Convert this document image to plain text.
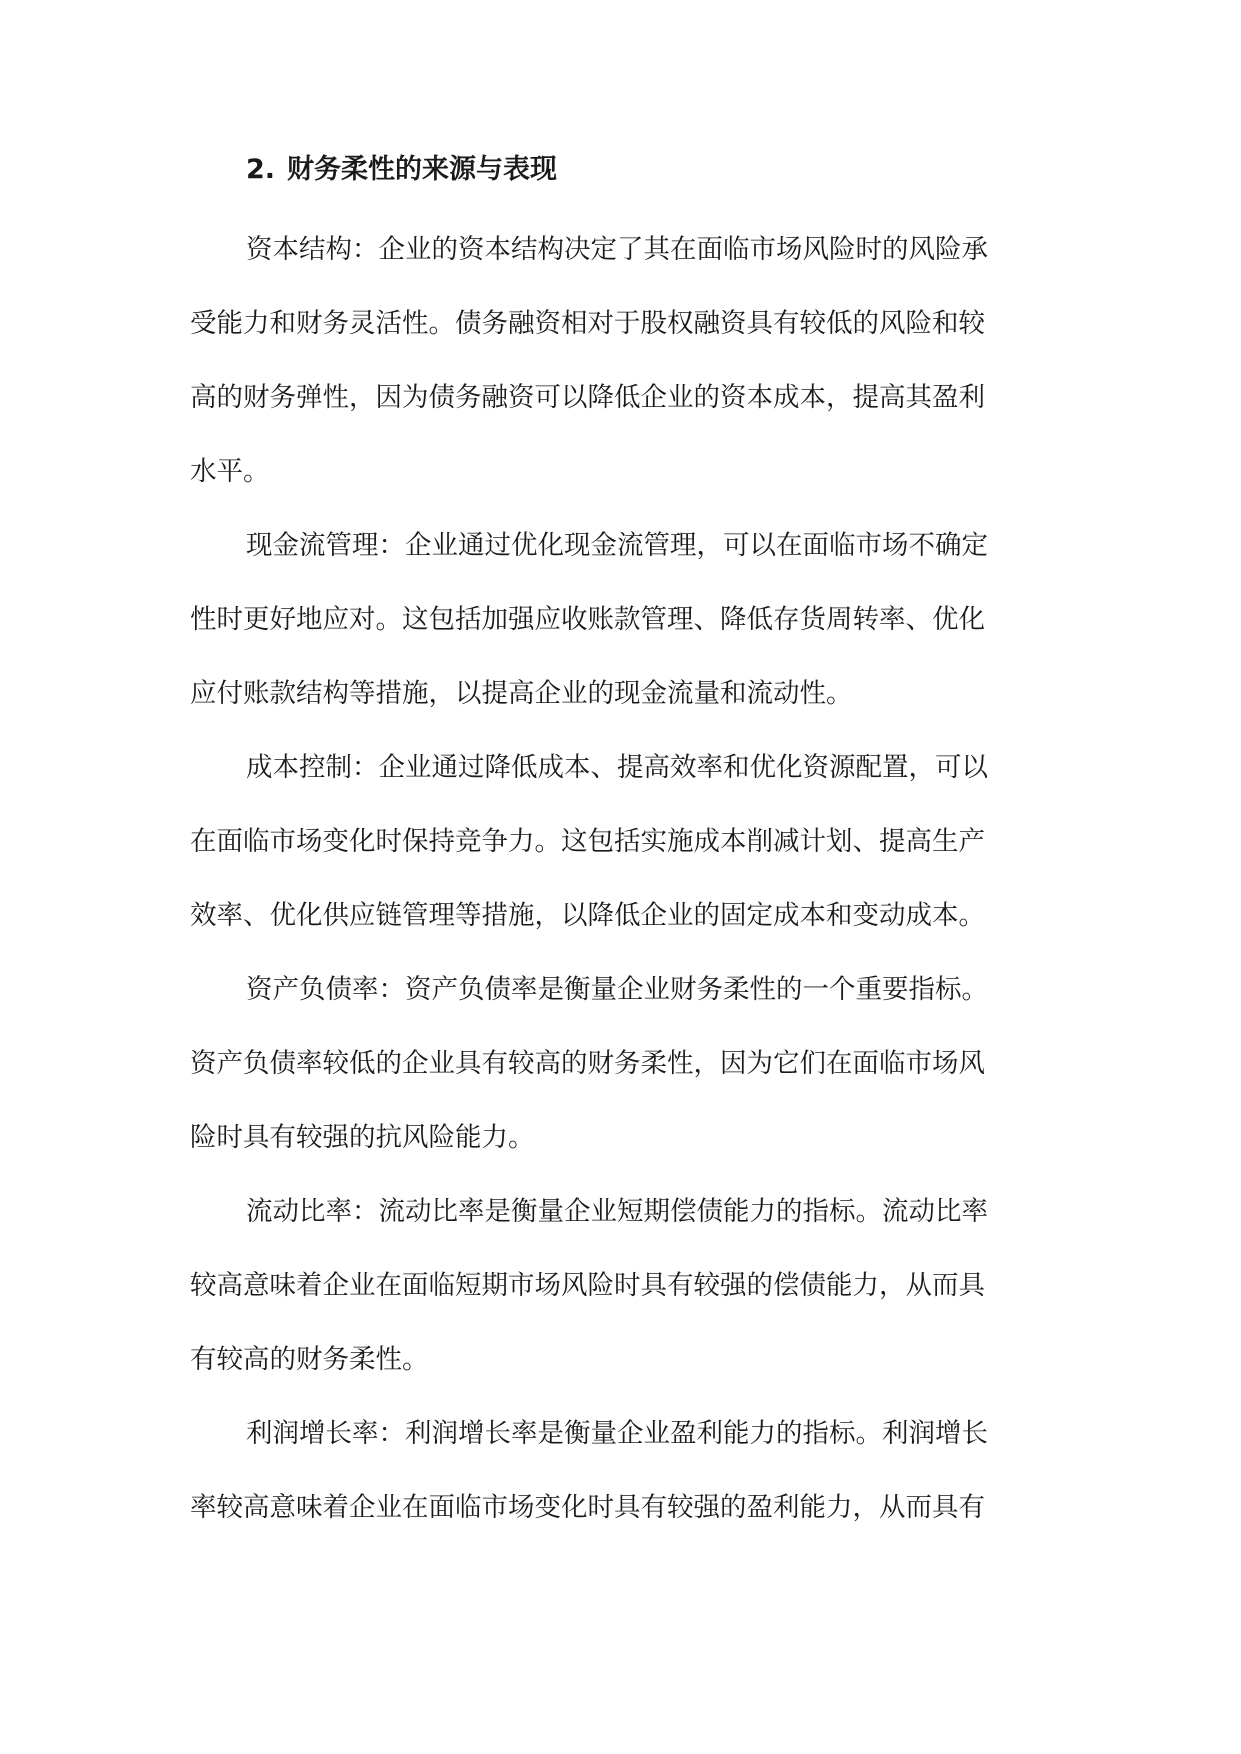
2. 财务柔性的来源与表现

资本结构：企业的资本结构决定了其在面临市场风险时的风险承
受能力和财务灵活性。债务融资相对于股权融资具有较低的风险和较
高的财务弹性，因为债务融资可以降低企业的资本成本，提高其盈利
水平。

现金流管理：企业通过优化现金流管理，可以在面临市场不确定
性时更好地应对。这包括加强应收账款管理、降低存货周转率、优化
应付账款结构等措施，以提高企业的现金流量和流动性。

成本控制：企业通过降低成本、提高效率和优化资源配置，可以
在面临市场变化时保持竞争力。这包括实施成本削减计划、提高生产
效率、优化供应链管理等措施，以降低企业的固定成本和变动成本。

资产负债率：资产负债率是衡量企业财务柔性的一个重要指标。
资产负债率较低的企业具有较高的财务柔性，因为它们在面临市场风
险时具有较强的抗风险能力。

流动比率：流动比率是衡量企业短期偿债能力的指标。流动比率
较高意味着企业在面临短期市场风险时具有较强的偿债能力，从而具
有较高的财务柔性。

利润增长率：利润增长率是衡量企业盈利能力的指标。利润增长
率较高意味着企业在面临市场变化时具有较强的盈利能力，从而具有
